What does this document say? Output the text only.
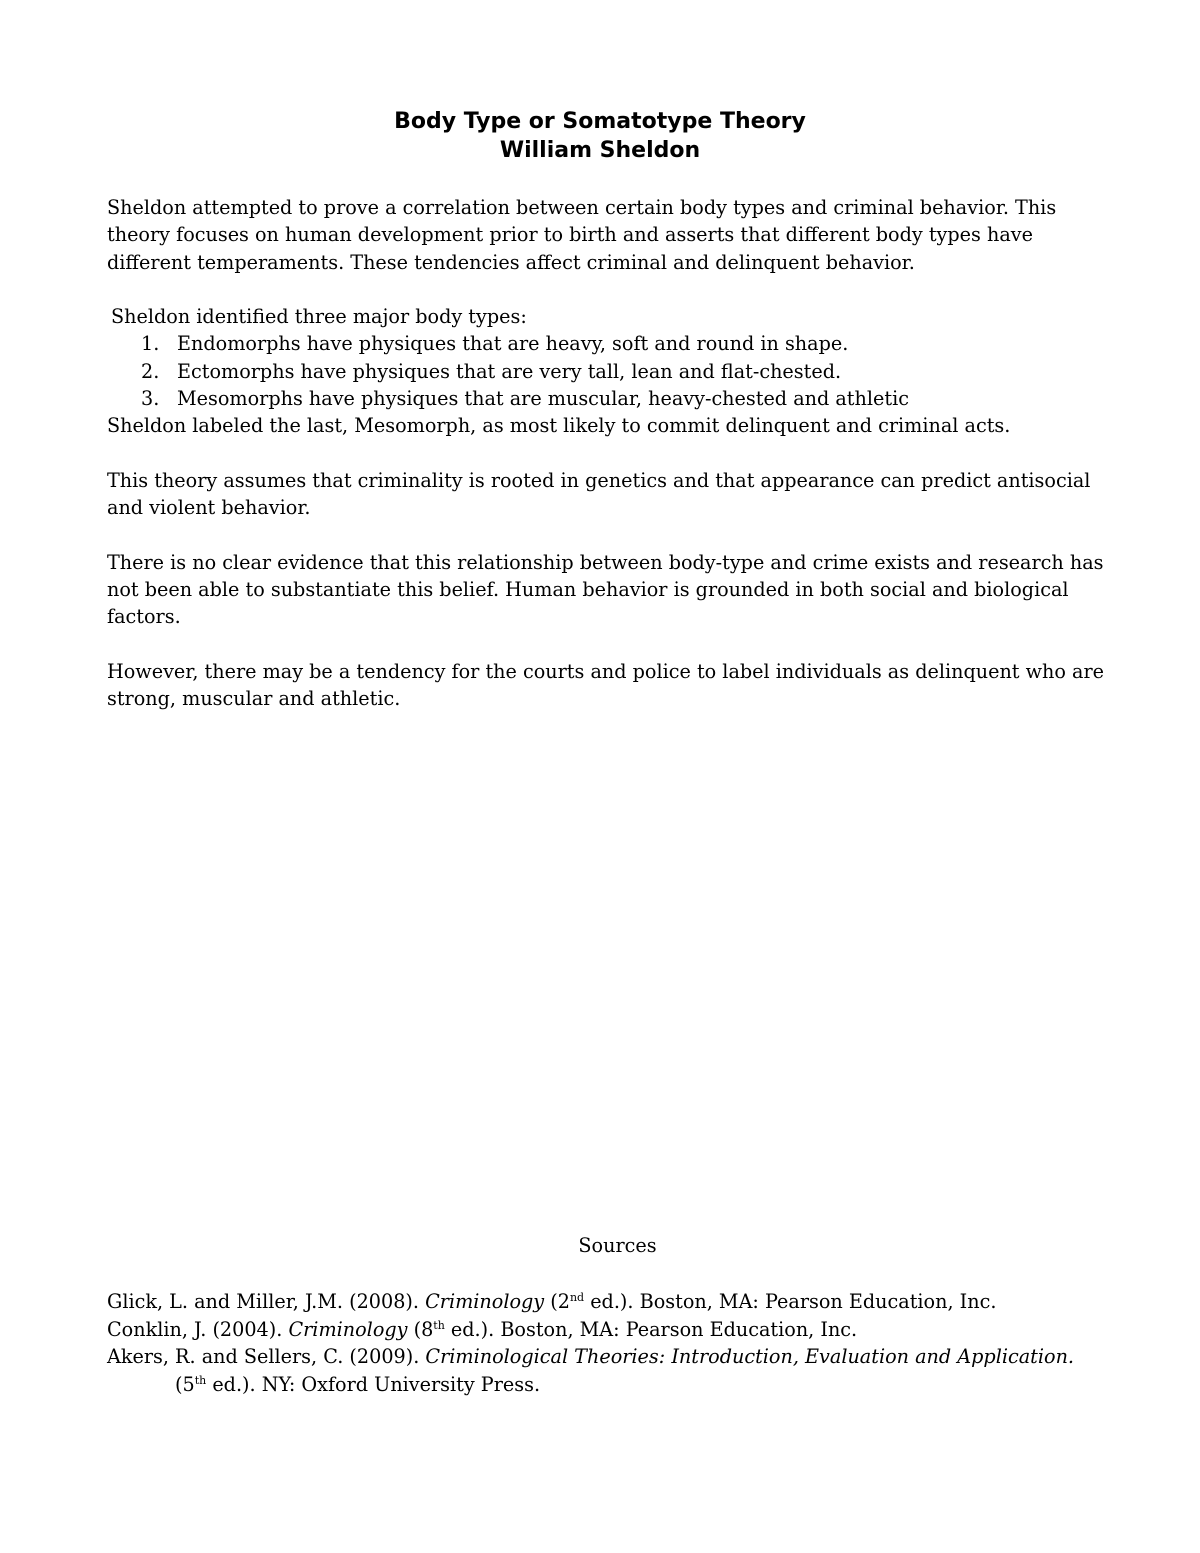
Body Type or Somatotype Theory
William Sheldon

Sheldon attempted to prove a correlation between certain body types and criminal behavior. This theory focuses on human development prior to birth and asserts that different body types have different temperaments. These tendencies affect criminal and delinquent behavior.

Sheldon identified three major body types:

1. Endomorphs have physiques that are heavy, soft and round in shape.
2. Ectomorphs have physiques that are very tall, lean and flat-chested.
3. Mesomorphs have physiques that are muscular, heavy-chested and athletic

Sheldon labeled the last, Mesomorph, as most likely to commit delinquent and criminal acts.

This theory assumes that criminality is rooted in genetics and that appearance can predict antisocial and violent behavior.

There is no clear evidence that this relationship between body-type and crime exists and research has not been able to substantiate this belief. Human behavior is grounded in both social and biological factors.

However, there may be a tendency for the courts and police to label individuals as delinquent who are strong, muscular and athletic.

Sources
Glick, L. and Miller, J.M. (2008). Criminology (2nd ed.). Boston, MA: Pearson Education, Inc.
Conklin, J. (2004). Criminology (8th ed.). Boston, MA: Pearson Education, Inc.
Akers, R. and Sellers, C. (2009). Criminological Theories: Introduction, Evaluation and Application.
(5th ed.). NY: Oxford University Press.
